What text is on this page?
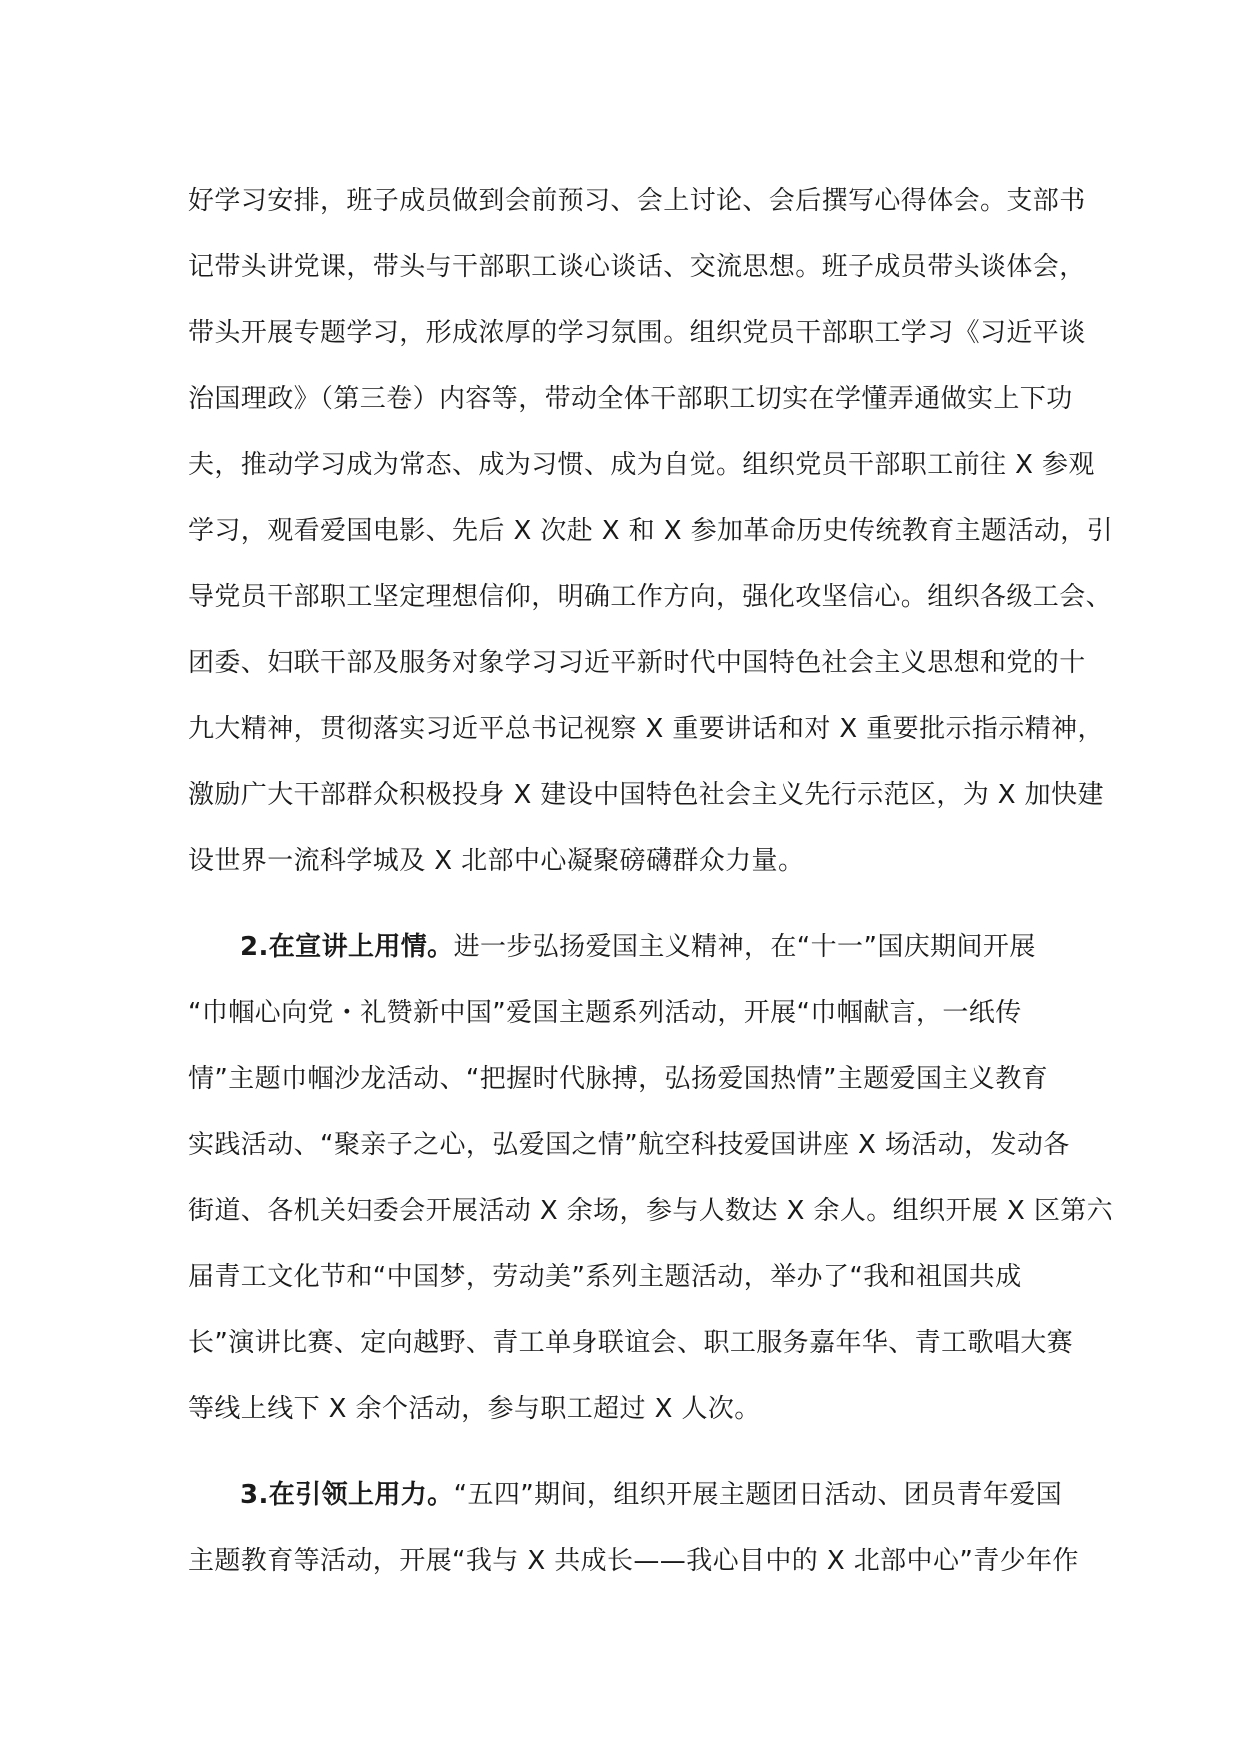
好学习安排，班子成员做到会前预习、会上讨论、会后撰写心得体会。支部书
记带头讲党课，带头与干部职工谈心谈话、交流思想。班子成员带头谈体会，
带头开展专题学习，形成浓厚的学习氛围。组织党员干部职工学习《习近平谈
治国理政》（第三卷）内容等，带动全体干部职工切实在学懂弄通做实上下功
夫，推动学习成为常态、成为习惯、成为自觉。组织党员干部职工前往 X 参观
学习，观看爱国电影、先后 X 次赴 X 和 X 参加革命历史传统教育主题活动，引
导党员干部职工坚定理想信仰，明确工作方向，强化攻坚信心。组织各级工会、
团委、妇联干部及服务对象学习习近平新时代中国特色社会主义思想和党的十
九大精神，贯彻落实习近平总书记视察 X 重要讲话和对 X 重要批示指示精神，
激励广大干部群众积极投身 X 建设中国特色社会主义先行示范区，为 X 加快建
设世界一流科学城及 X 北部中心凝聚磅礴群众力量。
2.在宣讲上用情。进一步弘扬爱国主义精神，在“十一”国庆期间开展
“巾帼心向党・礼赞新中国”爱国主题系列活动，开展“巾帼献言，一纸传
情”主题巾帼沙龙活动、“把握时代脉搏，弘扬爱国热情”主题爱国主义教育
实践活动、“聚亲子之心，弘爱国之情”航空科技爱国讲座 X 场活动，发动各
街道、各机关妇委会开展活动 X 余场，参与人数达 X 余人。组织开展 X 区第六
届青工文化节和“中国梦，劳动美”系列主题活动，举办了“我和祖国共成
长”演讲比赛、定向越野、青工单身联谊会、职工服务嘉年华、青工歌唱大赛
等线上线下 X 余个活动，参与职工超过 X 人次。
3.在引领上用力。“五四”期间，组织开展主题团日活动、团员青年爱国
主题教育等活动，开展“我与 X 共成长——我心目中的 X 北部中心”青少年作
